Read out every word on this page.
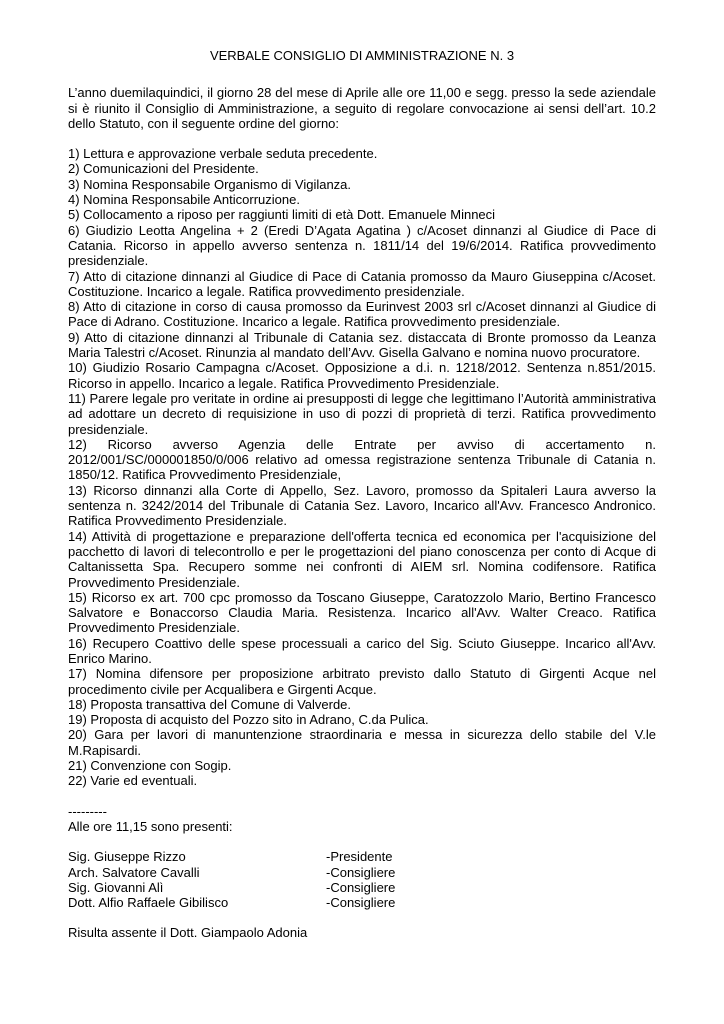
VERBALE CONSIGLIO DI AMMINISTRAZIONE N. 3

L’anno duemilaquindici, il giorno 28 del mese di Aprile alle ore 11,00 e segg. presso la sede aziendale si è riunito il Consiglio di Amministrazione, a seguito di regolare convocazione ai sensi dell’art. 10.2 dello Statuto, con il seguente ordine del giorno:

1) Lettura e approvazione verbale seduta precedente.
2) Comunicazioni del Presidente.
3) Nomina Responsabile Organismo di Vigilanza.
4) Nomina Responsabile Anticorruzione.
5) Collocamento a riposo per raggiunti limiti di età Dott. Emanuele Minneci
6) Giudizio Leotta Angelina + 2 (Eredi D’Agata Agatina ) c/Acoset dinnanzi al Giudice di Pace di Catania. Ricorso in appello avverso sentenza n. 1811/14 del 19/6/2014. Ratifica provvedimento presidenziale.
7) Atto di citazione dinnanzi al Giudice di Pace di Catania promosso da Mauro Giuseppina c/Acoset. Costituzione. Incarico a legale. Ratifica provvedimento presidenziale.
8) Atto di citazione in corso di causa promosso da Eurinvest 2003 srl c/Acoset dinnanzi al Giudice di Pace di Adrano. Costituzione. Incarico a legale. Ratifica provvedimento presidenziale.
9) Atto di citazione dinnanzi al Tribunale di Catania sez. distaccata di Bronte promosso da Leanza Maria Talestri c/Acoset. Rinunzia al mandato dell’Avv. Gisella Galvano e nomina nuovo procuratore.
10) Giudizio Rosario Campagna c/Acoset. Opposizione a d.i. n. 1218/2012. Sentenza n.851/2015. Ricorso in appello. Incarico a legale. Ratifica Provvedimento Presidenziale.
11) Parere legale pro veritate in ordine ai presupposti di legge che legittimano l’Autorità amministrativa ad adottare un decreto di requisizione in uso di pozzi di proprietà di terzi. Ratifica provvedimento presidenziale.
12) Ricorso avverso Agenzia delle Entrate per avviso di accertamento n. 2012/001/SC/000001850/0/006 relativo ad omessa registrazione sentenza Tribunale di Catania n. 1850/12. Ratifica Provvedimento Presidenziale,
13) Ricorso dinnanzi alla Corte di Appello, Sez. Lavoro, promosso da Spitaleri Laura avverso la sentenza n. 3242/2014 del Tribunale di Catania Sez. Lavoro, Incarico all'Avv. Francesco Andronico. Ratifica Provvedimento Presidenziale.
14) Attività di progettazione e preparazione dell'offerta tecnica ed economica per l'acquisizione del pacchetto di lavori di telecontrollo e per le progettazioni del piano conoscenza per conto di Acque di Caltanissetta Spa. Recupero somme nei confronti di AIEM srl. Nomina codifensore. Ratifica Provvedimento Presidenziale.
15) Ricorso ex art. 700 cpc promosso da Toscano Giuseppe, Caratozzolo Mario, Bertino Francesco Salvatore e Bonaccorso Claudia Maria. Resistenza. Incarico all'Avv. Walter Creaco. Ratifica Provvedimento Presidenziale.
16) Recupero Coattivo delle spese processuali a carico del Sig. Sciuto Giuseppe. Incarico all'Avv. Enrico Marino.
17) Nomina difensore per proposizione arbitrato previsto dallo Statuto di Girgenti Acque nel procedimento civile per Acqualibera e Girgenti Acque.
18) Proposta transattiva del Comune di Valverde.
19) Proposta di acquisto del Pozzo sito in Adrano, C.da Pulica.
20) Gara per lavori di manuntenzione straordinaria e messa in sicurezza dello stabile del V.le M.Rapisardi.
21) Convenzione con Sogip.
22) Varie ed eventuali.
---------
Alle ore 11,15 sono presenti:
Sig. Giuseppe Rizzo	-Presidente
Arch. Salvatore Cavalli	-Consigliere
Sig. Giovanni Alì	-Consigliere
Dott. Alfio Raffaele Gibilisco	-Consigliere
Risulta assente il Dott. Giampaolo Adonia
